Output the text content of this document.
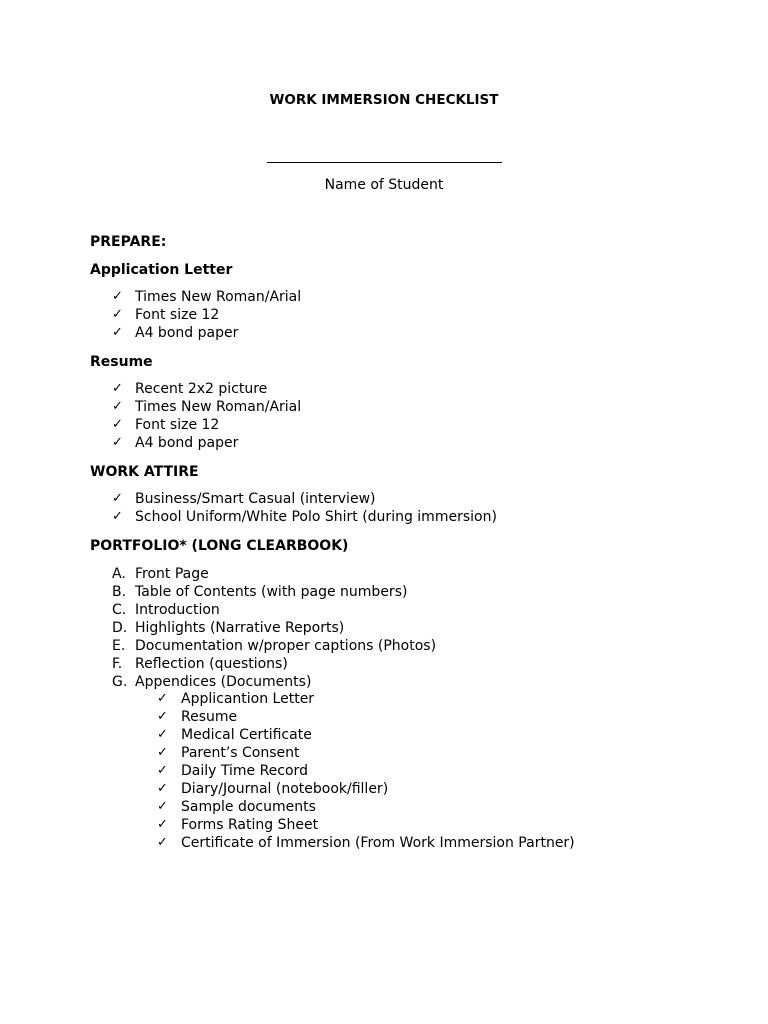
WORK IMMERSION CHECKLIST
Name of Student

PREPARE:

Application Letter

✓ Times New Roman/Arial
✓ Font size 12
✓ A4 bond paper

Resume

✓ Recent 2x2 picture
✓ Times New Roman/Arial
✓ Font size 12
✓ A4 bond paper

WORK ATTIRE

✓ Business/Smart Casual (interview)
✓ School Uniform/White Polo Shirt (during immersion)

PORTFOLIO* (LONG CLEARBOOK)

A. Front Page
B. Table of Contents (with page numbers)
C. Introduction
D. Highlights (Narrative Reports)
E. Documentation w/proper captions (Photos)
F. Reflection (questions)
G. Appendices (Documents)
✓ Applicantion Letter
✓ Resume
✓ Medical Certificate
✓ Parent’s Consent
✓ Daily Time Record
✓ Diary/Journal (notebook/filler)
✓ Sample documents
✓ Forms Rating Sheet
✓ Certificate of Immersion (From Work Immersion Partner)
